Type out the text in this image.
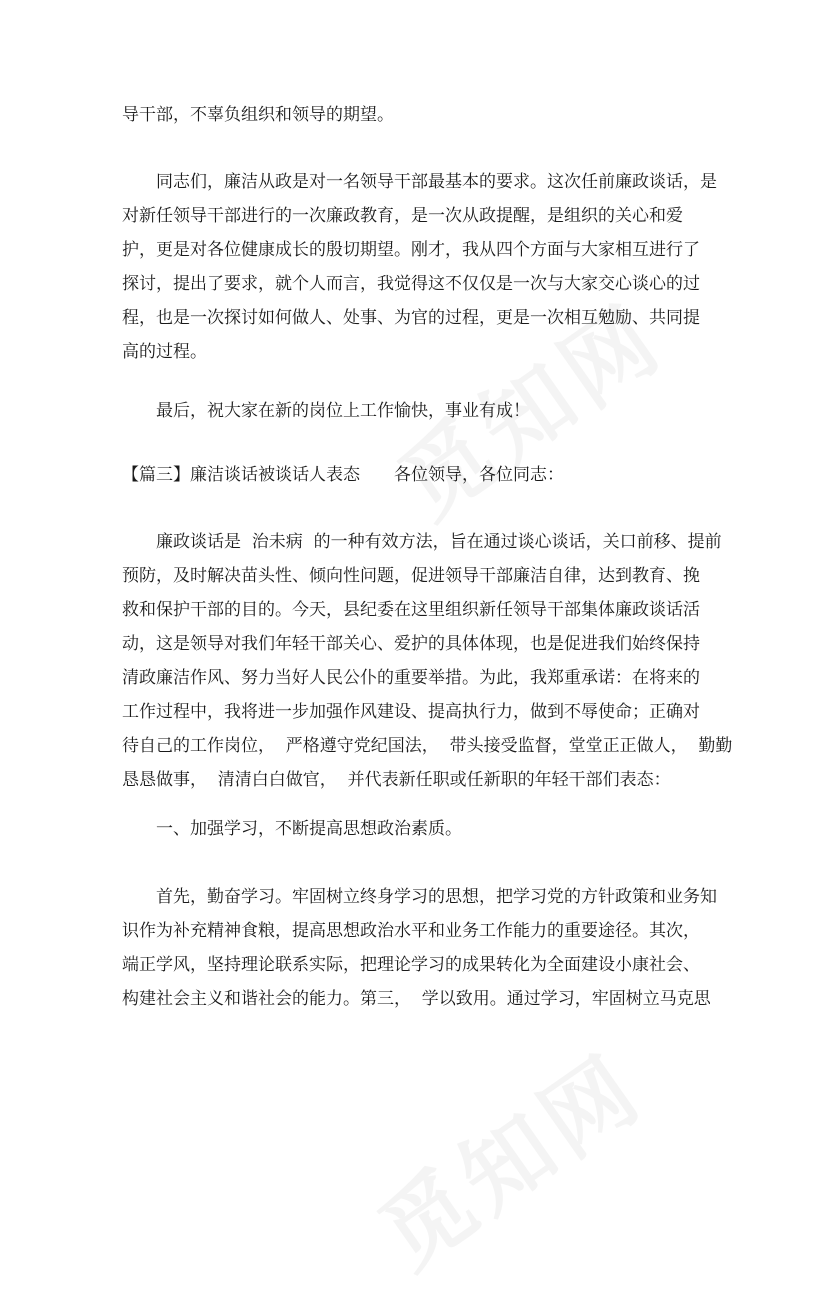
导干部，不辜负组织和领导的期望。
同志们，廉洁从政是对一名领导干部最基本的要求。这次任前廉政谈话，是
对新任领导干部进行的一次廉政教育，是一次从政提醒，是组织的关心和爱
护，更是对各位健康成长的殷切期望。刚才，我从四个方面与大家相互进行了
探讨，提出了要求，就个人而言，我觉得这不仅仅是一次与大家交心谈心的过
程，也是一次探讨如何做人、处事、为官的过程，更是一次相互勉励、共同提
高的过程。
最后，祝大家在新的岗位上工作愉快，事业有成！
【篇三】廉洁谈话被谈话人表态　　各位领导，各位同志：
廉政谈话是  治未病  的一种有效方法，旨在通过谈心谈话，关口前移、提前
预防，及时解决苗头性、倾向性问题，促进领导干部廉洁自律，达到教育、挽
救和保护干部的目的。今天，县纪委在这里组织新任领导干部集体廉政谈话活
动，这是领导对我们年轻干部关心、爱护的具体体现，也是促进我们始终保持
清政廉洁作风、努力当好人民公仆的重要举措。为此，我郑重承诺：在将来的
工作过程中，我将进一步加强作风建设、提高执行力，做到不辱使命；正确对
待自己的工作岗位，  严格遵守党纪国法，  带头接受监督，堂堂正正做人，  勤勤
恳恳做事，  清清白白做官，  并代表新任职或任新职的年轻干部们表态：
一、加强学习，不断提高思想政治素质。
首先，勤奋学习。牢固树立终身学习的思想，把学习党的方针政策和业务知
识作为补充精神食粮，提高思想政治水平和业务工作能力的重要途径。其次，
端正学风，坚持理论联系实际，把理论学习的成果转化为全面建设小康社会、
构建社会主义和谐社会的能力。第三，  学以致用。通过学习，牢固树立马克思
